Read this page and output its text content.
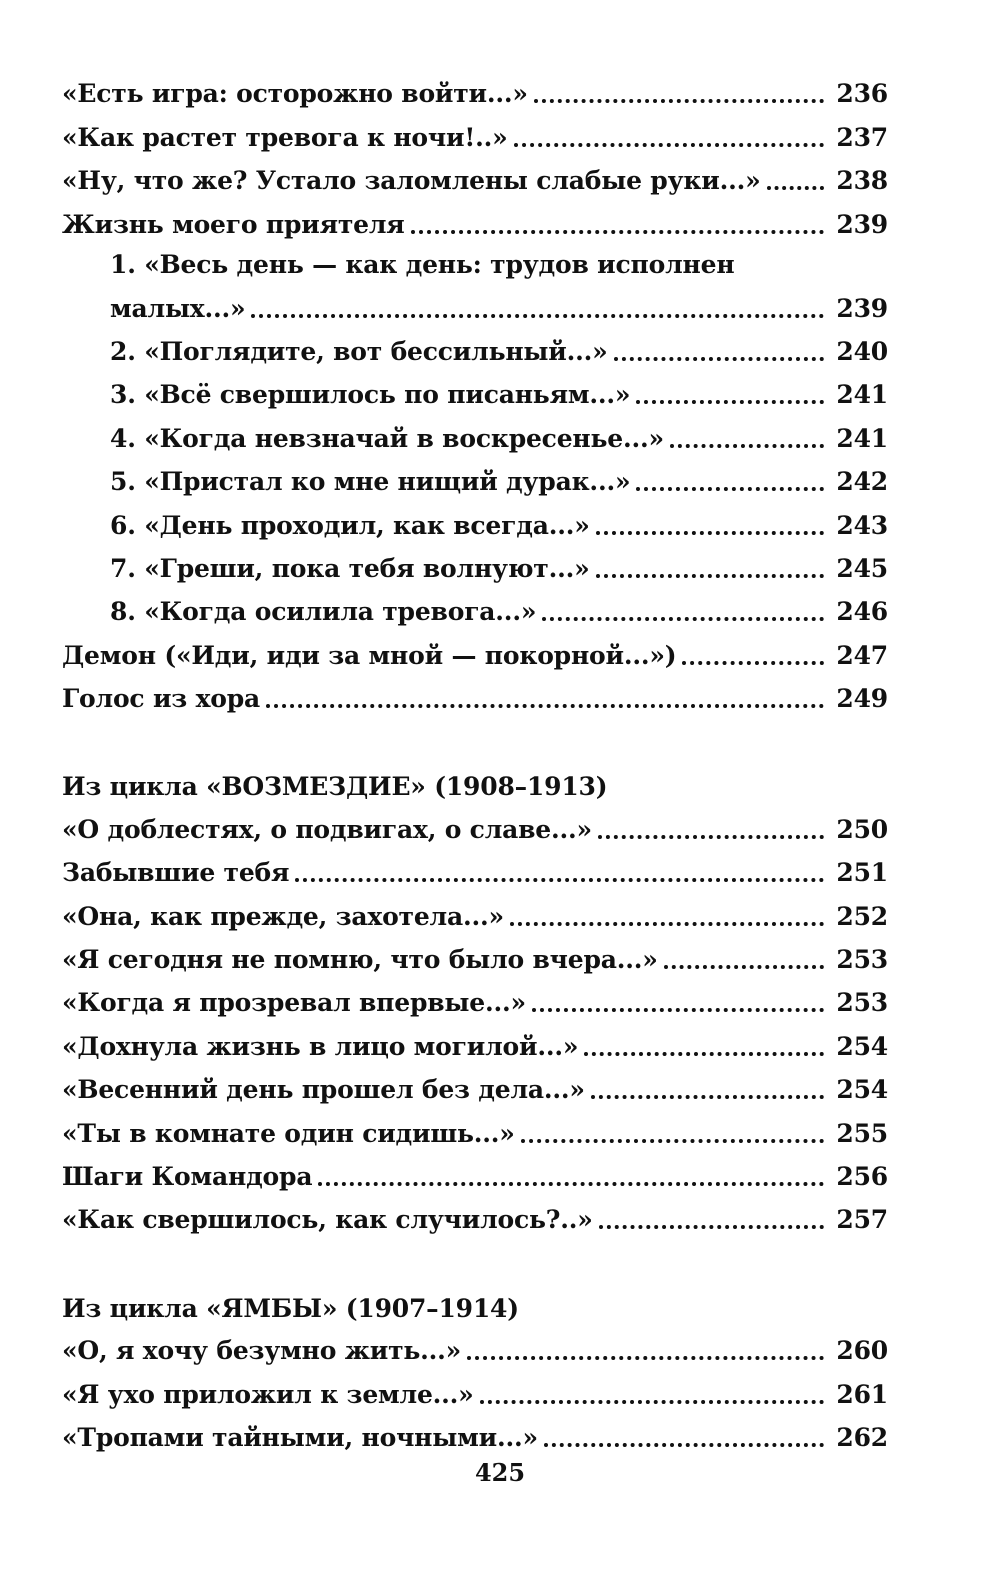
«Есть игра: осторожно войти...»	236
«Как растет тревога к ночи!..»	237
«Ну, что же? Устало заломлены слабые руки...»	238
Жизнь моего приятеля	239
1. «Весь день — как день: трудов исполнен
малых...»	239
2. «Поглядите, вот бессильный...»	240
3. «Всё свершилось по писаньям...»	241
4. «Когда невзначай в воскресенье...»	241
5. «Пристал ко мне нищий дурак...»	242
6. «День проходил, как всегда...»	243
7. «Греши, пока тебя волнуют...»	245
8. «Когда осилила тревога...»	246
Демон («Иди, иди за мной — покорной...»)	247
Голос из хора	249
Из цикла «ВОЗМЕЗДИЕ» (1908–1913)
«О доблестях, о подвигах, о славе...»	250
Забывшие тебя	251
«Она, как прежде, захотела...»	252
«Я сегодня не помню, что было вчера...»	253
«Когда я прозревал впервые...»	253
«Дохнула жизнь в лицо могилой...»	254
«Весенний день прошел без дела...»	254
«Ты в комнате один сидишь...»	255
Шаги Командора	256
«Как свершилось, как случилось?..»	257
Из цикла «ЯМБЫ» (1907–1914)
«О, я хочу безумно жить...»	260
«Я ухо приложил к земле...»	261
«Тропами тайными, ночными...»	262
425
